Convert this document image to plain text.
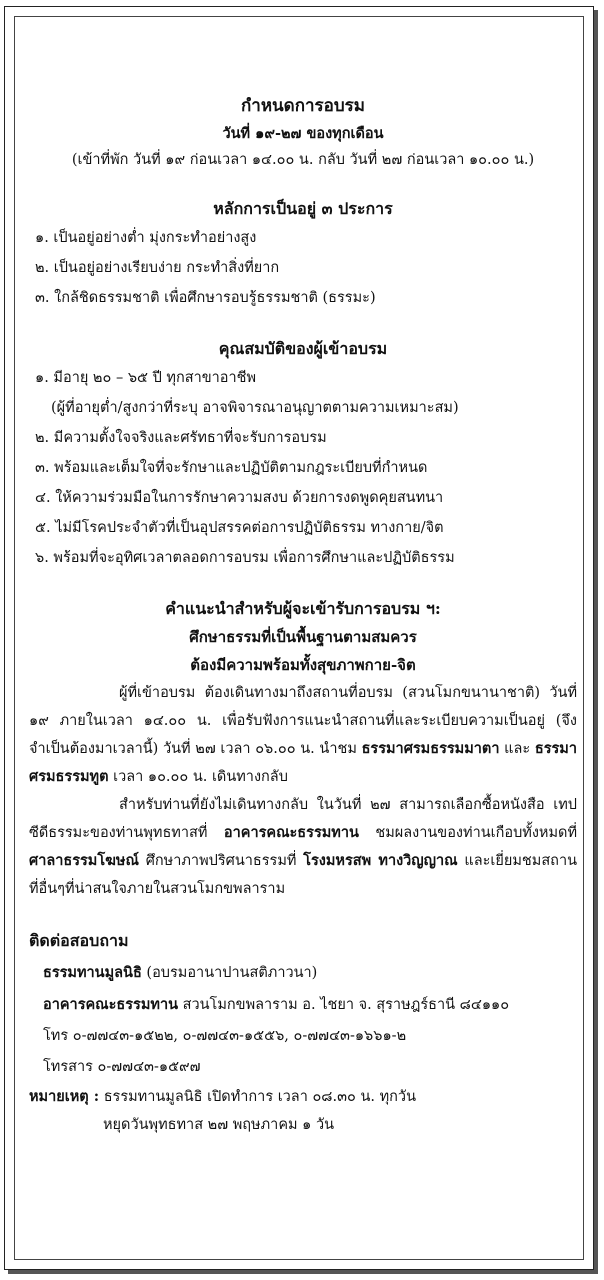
กำหนดการอบรม

วันที่ ๑๙-๒๗ ของทุกเดือน

(เข้าที่พัก วันที่ ๑๙ ก่อนเวลา ๑๔.๐๐ น. กลับ วันที่ ๒๗ ก่อนเวลา ๑๐.๐๐ น.)

หลักการเป็นอยู่ ๓ ประการ

๑. เป็นอยู่อย่างต่ำ มุ่งกระทำอย่างสูง

๒. เป็นอยู่อย่างเรียบง่าย กระทำสิ่งที่ยาก

๓. ใกล้ชิดธรรมชาติ เพื่อศึกษารอบรู้ธรรมชาติ (ธรรมะ)

คุณสมบัติของผู้เข้าอบรม

๑. มีอายุ ๒๐ – ๖๕ ปี ทุกสาขาอาชีพ

(ผู้ที่อายุต่ำ/สูงกว่าที่ระบุ อาจพิจารณาอนุญาตตามความเหมาะสม)

๒. มีความตั้งใจจริงและศรัทธาที่จะรับการอบรม

๓. พร้อมและเต็มใจที่จะรักษาและปฏิบัติตามกฎระเบียบที่กำหนด

๔. ให้ความร่วมมือในการรักษาความสงบ ด้วยการงดพูดคุยสนทนา

๕. ไม่มีโรคประจำตัวที่เป็นอุปสรรคต่อการปฏิบัติธรรม ทางกาย/จิต

๖. พร้อมที่จะอุทิศเวลาตลอดการอบรม เพื่อการศึกษาและปฏิบัติธรรม

คำแนะนำสำหรับผู้จะเข้ารับการอบรม ฯ:

ศึกษาธรรมที่เป็นพื้นฐานตามสมควร

ต้องมีความพร้อมทั้งสุขภาพกาย-จิต

ผู้ที่เข้าอบรม ต้องเดินทางมาถึงสถานที่อบรม (สวนโมกขนานาชาติ) วันที่ ๑๙ ภายในเวลา ๑๔.๐๐ น. เพื่อรับฟังการแนะนำสถานที่และระเบียบความเป็นอยู่ (จึงจำเป็นต้องมาเวลานี้) วันที่ ๒๗ เวลา ๐๖.๐๐ น. นำชม ธรรมาศรมธรรมมาตา และ ธรรมาศรมธรรมทูต เวลา ๑๐.๐๐ น. เดินทางกลับ

สำหรับท่านที่ยังไม่เดินทางกลับ ในวันที่ ๒๗ สามารถเลือกซื้อหนังสือ เทป ซีดีธรรมะของท่านพุทธทาสที่ อาคารคณะธรรมทาน ชมผลงานของท่านเกือบทั้งหมดที่ ศาลาธรรมโฆษณ์ ศึกษาภาพปริศนาธรรมที่ โรงมหรสพ ทางวิญญาณ และเยี่ยมชมสถานที่อื่นๆที่น่าสนใจภายในสวนโมกขพลาราม

ติดต่อสอบถาม

ธรรมทานมูลนิธิ (อบรมอานาปานสติภาวนา)

อาคารคณะธรรมทาน สวนโมกขพลาราม อ. ไชยา จ. สุราษฎร์ธานี ๘๔๑๑๐

โทร ๐-๗๗๔๓-๑๕๒๒, ๐-๗๗๔๓-๑๕๕๖, ๐-๗๗๔๓-๑๖๖๑-๒

โทรสาร ๐-๗๗๔๓-๑๕๙๗

หมายเหตุ : ธรรมทานมูลนิธิ เปิดทำการ เวลา ๐๘.๓๐ น. ทุกวัน

หยุดวันพุทธทาส ๒๗ พฤษภาคม ๑ วัน
